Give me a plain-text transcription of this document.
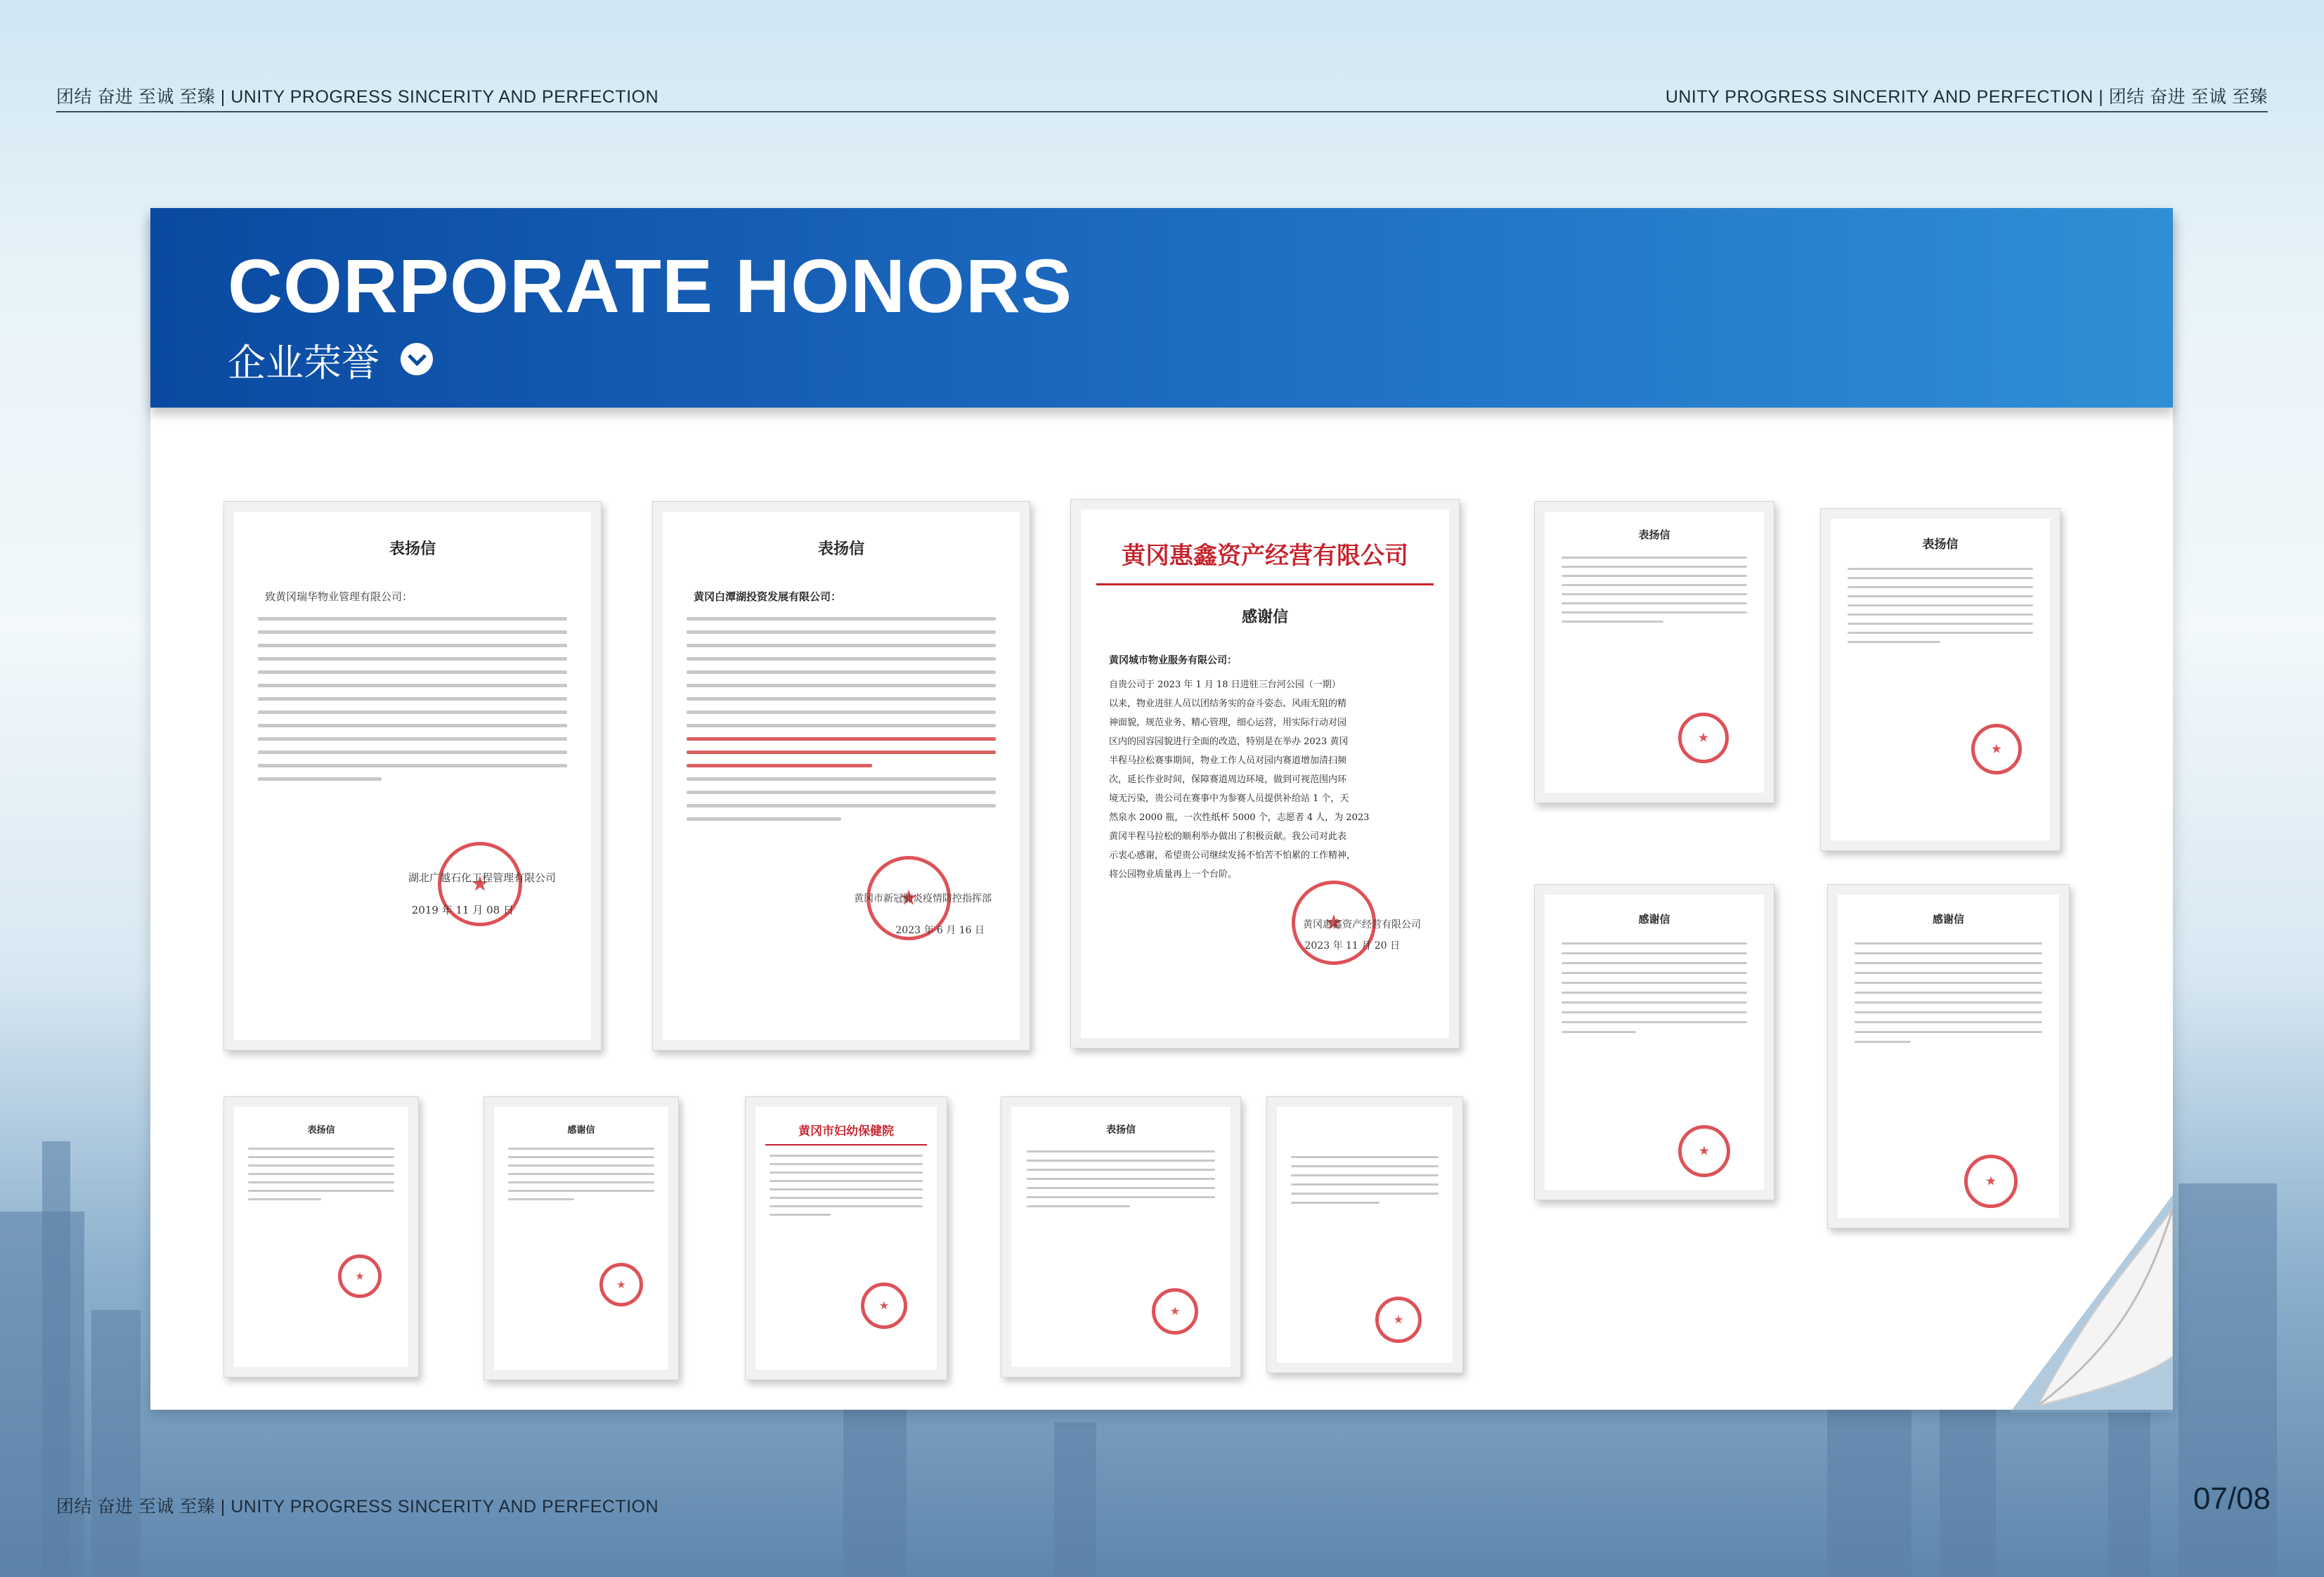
团结 奋进 至诚 至臻 | UNITY PROGRESS SINCERITY AND PERFECTION	UNITY PROGRESS SINCERITY AND PERFECTION | 团结 奋进 至诚 至臻
CORPORATE HONORS
企业荣誉
表扬信
致黄冈瑞华物业管理有限公司：
★
湖北广越石化工程管理有限公司
2019 年 11 月 08 日
表扬信
黄冈白潭湖投资发展有限公司：
★
黄冈市新冠肺炎疫情防控指挥部
2023 年 6 月 16 日
黄冈惠鑫资产经营有限公司
感谢信
黄冈城市物业服务有限公司：
自贵公司于 2023 年 1 月 18 日进驻三台河公园（一期）
以来，物业进驻人员以团结务实的奋斗姿态、风雨无阻的精
神面貌，规范业务、精心管理，细心运营，用实际行动对园
区内的园容园貌进行全面的改造，特别是在举办 2023 黄冈
半程马拉松赛事期间，物业工作人员对园内赛道增加清扫频
次，延长作业时间，保障赛道周边环境，做到可视范围内环
境无污染，贵公司在赛事中为参赛人员提供补给站 1 个，天
然泉水 2000 瓶，一次性纸杯 5000 个，志愿者 4 人，为 2023
黄冈半程马拉松的顺利举办做出了积极贡献。我公司对此表
示衷心感谢，希望贵公司继续发扬不怕苦不怕累的工作精神，
将公园物业质量再上一个台阶。
★
黄冈惠鑫资产经营有限公司
2023 年 11 月 20 日
表扬信
★
表扬信
★
感谢信
★	感谢信
★
表扬信
★	感谢信
★	黄冈市妇幼保健院
★	表扬信
★
★
团结 奋进 至诚 至臻 | UNITY PROGRESS SINCERITY AND PERFECTION	07/08
